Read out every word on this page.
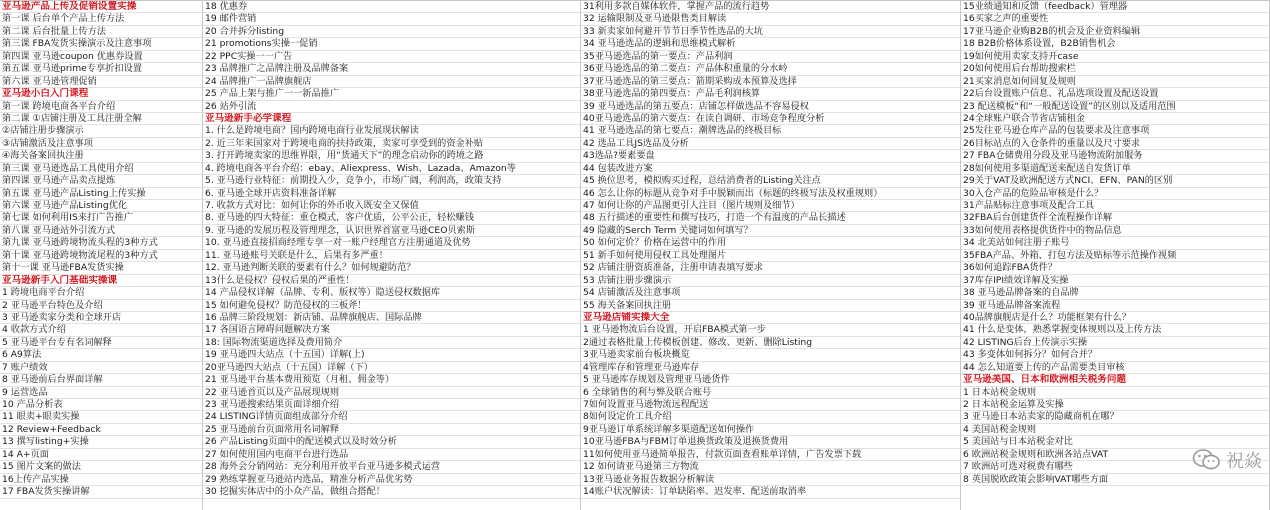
亚马逊产品上传及促销设置实操
第一课 后台单个产品上传方法
第二课 后台批量上传方法
第三课 FBA发货实操演示及注意事项
第四课 亚马逊coupon 优惠券设置
第五课 亚马逊prime专享折扣设置
第六课 亚马逊管理促销
亚马逊小白入门课程
第一课 跨境电商各平台介绍
第二课 ①店铺注册及工具注册全解
②店铺注册步骤演示
③店铺激活及注意事项
④海关备案回执注册
第三课 亚马逊选品工具使用介绍
第四课 亚马逊产品卖点提炼
第五课 亚马逊产品Listing上传实操
第六课 亚马逊产品Listing优化
第七课 如何利用IS来打广告推广
第八课 亚马逊站外引流方式
第九课 亚马逊跨境物流头程的3种方式
第十课 亚马逊跨境物流尾程的3种方式
第十一课 亚马逊FBA发货实操
亚马逊新手入门基础实操课
1 跨境电商平台介绍
2 亚马逊平台特色及介绍
3 亚马逊卖家分类和全球开店
4 收款方式介绍
5 亚马逊平台专有名词解释
6 A9算法
7 账户绩效
8 亚马逊前后台界面详解
9 运营选品
10 产品分析表
11 眼卖+眼卖实操
12 Review+Feedback
13 撰写listing+实操
14 A+页面
15 图片文案的做法
16上传产品实操
17 FBA发货实操讲解
18 优惠券
19 邮件营销
20 合并拆分listing
21 promotions实操一促销
22 PPC实操一一广告
23 品牌推广之品牌注册及品牌备案
24 品牌推广一品牌旗舰店
25 产品上架与推广一一新品推广
26 站外引流
亚马逊新手必学课程
1. 什么是跨境电商？国内跨境电商行业发展现状解读
2. 近三年来国家对于跨境电商的扶持政策，卖家可享受到的资金补贴
3. 打开跨境卖家的思维界限，用“货通天下”的理念启动你的跨境之路
4. 跨境电商各平台介绍：ebay、Aliexpress、Wish、Lazada、Amazon等
5. 亚马逊行业特征：前期投入少，竞争小，市场广阔，利润高，政策支持
6. 亚马逊全球开店资料准备详解
7. 收款方式对比：如何让你的外币收入既安全又保值
8. 亚马逊的四大特征：重仓模式，客户优质，公平公正，轻松赚钱
9. 亚马逊的发展历程及管理理念，认识世界首富亚马逊CEO贝索斯
10. 亚马逊直接招商经理专享一对一账户经理官方注册通道及优势
11. 亚马逊账号关联是什么，后果有多严重！
12. 亚马逊判断关联的要素有什么？如何规避防范？
13什么是侵权？侵权后果的严重性！
14 产品侵权详解（品牌、专利、版权等）隐送侵权数据库
15 如何避免侵权？防范侵权的三板斧！
16 品牌三阶段规划：新店铺、品牌旗舰店、国际品牌
17 各国语言障碍问题解决方案
18: 国际物流渠道选择及费用简介
19 亚马逊四大站点（十五国）详解(上)
20亚马逊四大站点（十五国）详解（下）
21 亚马逊平台基本费用预览（月租、佣金等）
22 亚马逊首页以及产品展现规则
23 亚马逊搜索结果页面详细介绍
24 LISTING详情页面组成部分介绍
25 亚马逊前台页面常用名词解释
26 产品Listing页面中的配送模式以及时效分析
27 如何使用国内电商平台进行选品
28 海外会分销网站：充分利用开放平台亚马逊多模式运营
29 熟练掌握亚马逊站内选品，精准分析产品优劣势
30 挖掘实体店中的小众产品，做组合搭配！
31利用多款自媒体软件，掌握产品的流行趋势
32 运输限制及亚马逊限售类目解读
33 新卖家如何避开节节日季节性选品的大坑
34 亚马逊选品的逻辑和思维模式解析
35亚马逊选品的第一要点：产品利润
36亚马逊选品的第二要点：产品体积重量的分水岭
37亚马逊选品的第三要点：箭期采购成本预算及选择
38亚马逊选品的第四要点：产品毛利润核算
39 亚马逊选品的第五要点：店铺怎样做选品不容易侵权
40亚马逊选品的第六要点：在读自调研、市场竞争程度分析
41 亚马逊选品的第七要点：潮牌选品的终极目标
42 选品工具JS选品及分析
43选品?要素要盘
44 包装改进方案
45 换位思考，模拟购买过程，总结消费者的Listing关注点
46 怎么让你的标题从竞争对手中脱颖而出（标题的终极写法及权重规则）
47 如何让你的产品图更引人注目（图片规则及细节）
48 五行描述的重要性和撰写技巧，打造一个有温度的产品长描述
49 隐藏的Serch Term 关键词如何填写？
50 如何定价？价格在运营中的作用
51 新手如何使用侵权工具处理图片
52 店铺注册资质准备，注册申请表填写要求
53 店铺注册步骤演示
54 店铺激活及注意事项
55 海关备案回执注册
亚马逊店铺实操大全
1 亚马逊物流后台设置，开启FBA模式第一步
2通过表格批量上传模板创建、修改、更新、删除Listing
3亚马逊卖家前台板块概览
4管理库存和管理亚马逊库存
5 亚马逊库存规划及管理亚马逊货件
6 全球销售的利与弊及联合账号
7如何设置亚马逊物流远程配送
8如何设定价工具介绍
9亚马逊订单系统详解多渠道配送如何操作
10亚马逊FBA与FBM订单退换货政策及退换货费用
11如何使用亚马逊简单报告，付款页面查看账单详情，广告发票下载
12 如何请亚马逊第三方物流
13亚马逊业务报告数据分析解读
14账户状况解读：订单缺陷率、迟发率、配送前取消率
15业绩通知和反馈（feedback）管理器
16买家之声的重要性
17亚马逊企业购B2B的机会及企业资料编辑
18 B2B价格体系设置，B2B销售机会
19如何使用卖家支持开case
20如何使用后台帮助搜索栏
21买家消息如何回复及规则
22后台设置账户信息、礼品选项设置及配送设置
23 配送模板“和“一般配送设置”的区别以及适用范围
24全球账户联合节省店铺租金
25发往亚马逊仓库产品的包装要求及注意事项
26目标站点的入仓条件的重量以及尺寸要求
27 FBA仓储费用分段及亚马逊物流附加服务
28如何使用多渠道配送来配送自发货订单
29关于VAT及欧洲配送方式NCI、EFN、PAN的区别
30入仓产品的危险品审核是什么？
31产品贴标注意事项及配合工具
32FBA后台创建货件全流程操作详解
33如何使用表格提供货件中的物品信息
34 北美站如何注册子账号
35FBA产品、外箱、打包方法及贴标等示范操作视频
36如何追踪FBA货件？
37库存IPI绩效详解及实操
38 亚马逊品牌备案的自品牌
39 亚马逊品牌备案流程
40品牌旗舰店是什么？功能框架有什么？
41 什么是变体，熟悉掌握变体规则以及上传方法
42 LISTING后台上传演示实操
43 多变体如何拆分？如何合并？
44 怎么知道要上传的产品需要类目审核
亚马逊美国、日本和欧洲相关税务问题
1 日本站税金规则
2 日本站税金运算及实操
3 亚马逊日本站卖家的隐藏商机在哪？
4 美国站税金规则
5 美国站与日本站税金对比
6 欧洲站税金规则和欧洲各站点VAT
7 欧洲站可选对税费有哪些
8 英国脱欧政策会影响VAT哪些方面
祝焱
